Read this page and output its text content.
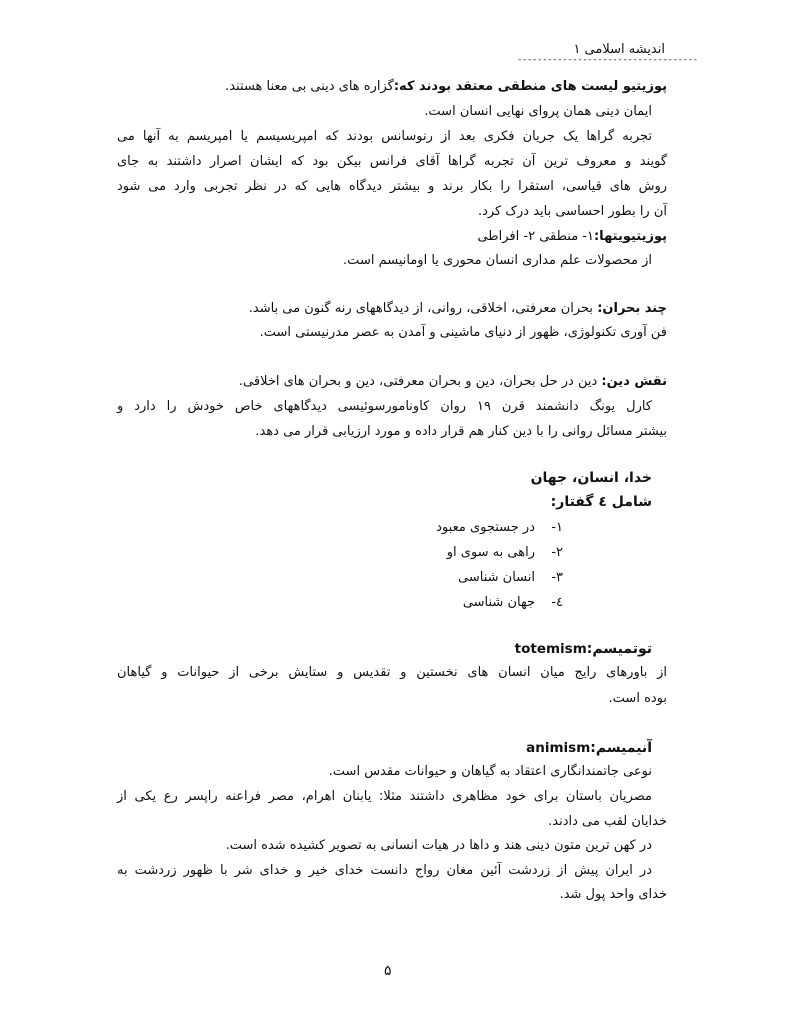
اندیشه اسلامی ۱
------------------------------------
پوزیتیو لیست های منطقی معتقد بودند که:گزاره های دینی بی معنا هستند.
ایمان دینی همان پروای نهایی انسان است.
تجربه گراها یک جریان فکری بعد از رنوسانس بودند که امپریسیسم یا امپریسم به آنها می
گویند و معروف ترین آن تجربه گراها آقای فرانس بیکن بود که ایشان اصرار داشتند به جای
روش های قیاسی، استقرا را بکار برند و بیشتر دیدگاه هایی که در نظر تجربی وارد می شود
آن را بطور احساسی باید درک کرد.
پوزیتیویتها:۱- منطقی ۲- افراطی
از محصولات علم مداری انسان محوری یا اومانیسم است.
چند بحران: بحران معرفتی، اخلاقی، روانی، از دیدگاههای رنه گنون می باشد.
فن آوری تکنولوژی، ظهور از دنیای ماشینی و آمدن به عصر مدرنیستی است.
نقش دین: دین در حل بحران، دین و بحران معرفتی، دین و بحران های اخلاقی.
کارل یونگ دانشمند قرن ۱۹ روان کاونامورسوئیسی دیدگاههای خاص خودش را دارد و
بیشتر مسائل روانی را با دین کنار هم قرار داده و مورد ارزیابی قرار می دهد.
خدا، انسان، جهان
شامل ٤ گفتار:
۱-در جستجوی معبود
۲-راهی به سوی او
۳-انسان شناسی
٤-جهان شناسی
توتمیسم:totemism
از باورهای رایج میان انسان های نخستین و تقدیس و ستایش برخی از حیوانات و گیاهان
بوده است.
آنیمیسم:animism
نوعی جاتمندانگاری اعتقاد به گیاهان و حیوانات مقدس است.
مصریان باستان برای خود مظاهری داشتند مثلا: یابنان اهرام، مصر فراعنه راپسر رع یکی از
خدایان لقب می دادند.
در کهن ترین متون دینی هند و داها در هیات انسانی به تصویر کشیده شده است.
در ایران پیش از زردشت آئین مغان رواج دانست خدای خیر و خدای شر با ظهور زردشت به
خدای واحد پول شد.
۵
